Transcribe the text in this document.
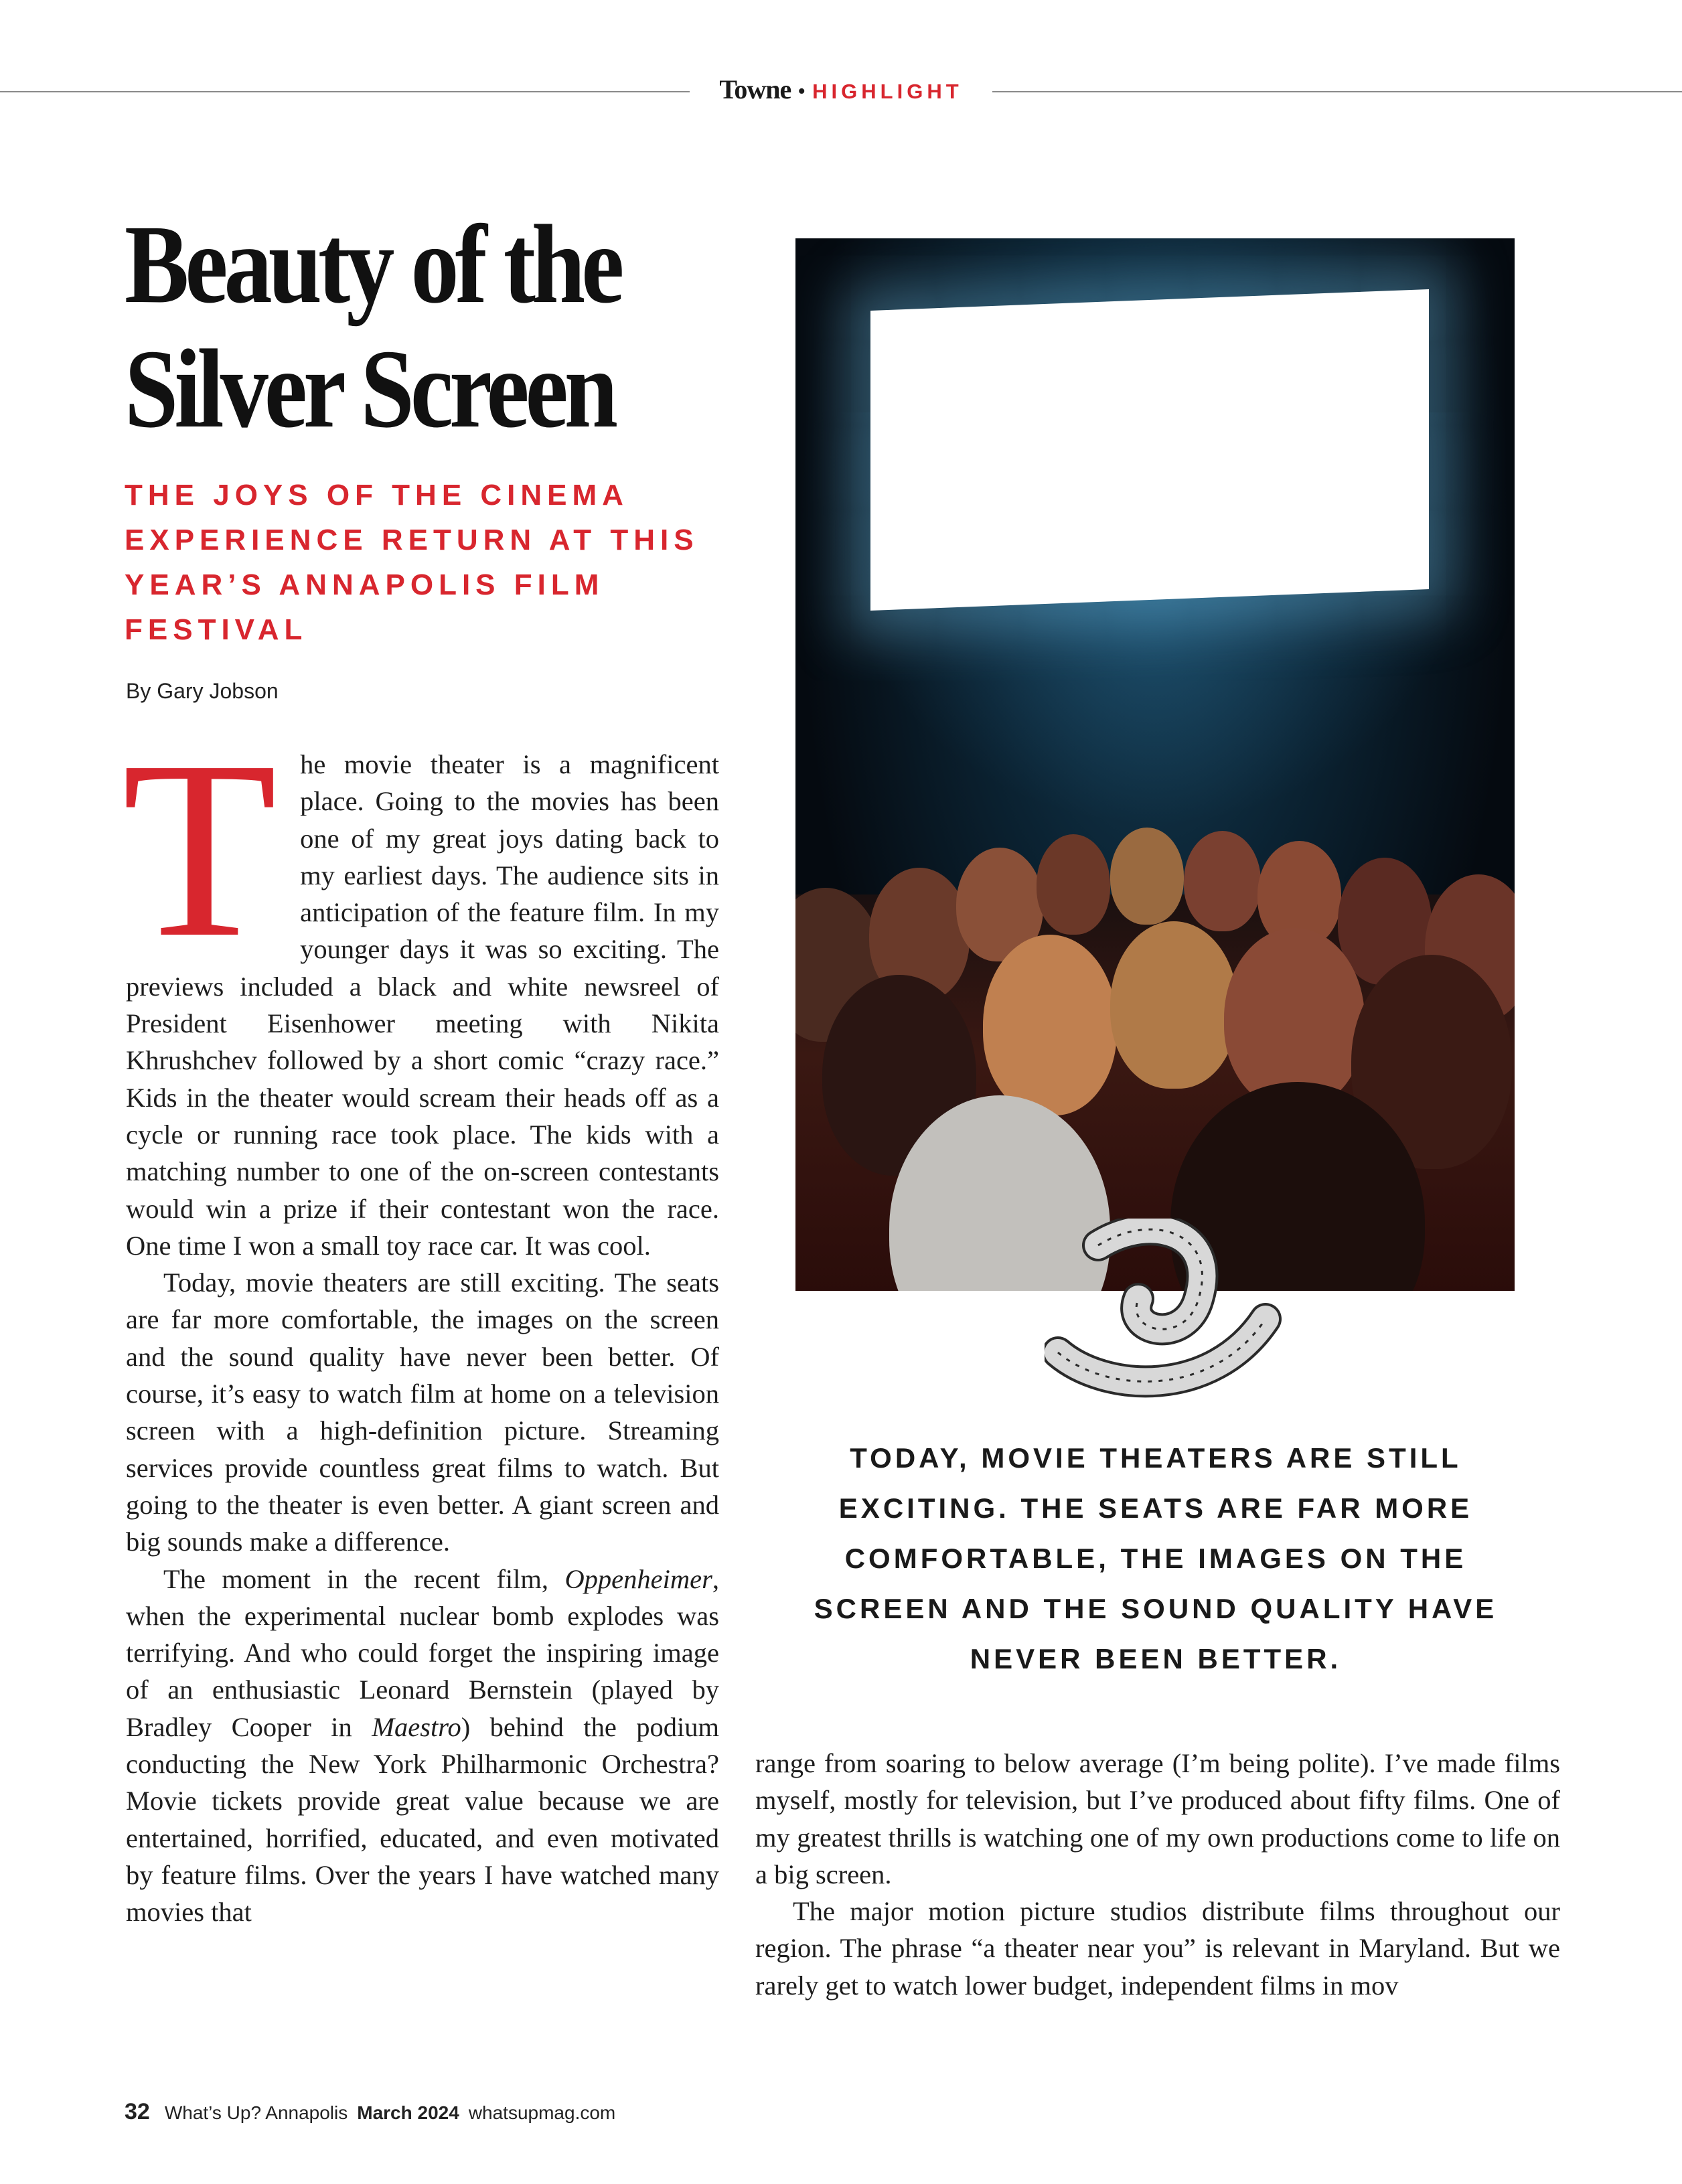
Towne • HIGHLIGHT
Beauty of the Silver Screen

THE JOYS OF THE CINEMA EXPERIENCE RETURN AT THIS YEAR’S ANNAPOLIS FILM FESTIVAL

By Gary Jobson

The movie theater is a magnificent place. Going to the movies has been one of my great joys dating back to my earliest days. The audience sits in anticipation of the feature film. In my younger days it was so exciting. The previews included a black and white newsreel of President Eisenhower meeting with Nikita Khrushchev followed by a short comic “crazy race.” Kids in the theater would scream their heads off as a cycle or running race took place. The kids with a matching number to one of the on-screen contestants would win a prize if their contestant won the race. One time I won a small toy race car. It was cool.

Today, movie theaters are still exciting. The seats are far more comfortable, the images on the screen and the sound quality have never been better. Of course, it’s easy to watch film at home on a television screen with a high-definition picture. Streaming services provide countless great films to watch. But going to the theater is even better. A giant screen and big sounds make a difference.

The moment in the recent film, Oppenheimer, when the experimental nuclear bomb explodes was terrifying. And who could forget the inspiring image of an enthusiastic Leonard Bernstein (played by Bradley Cooper in Maestro) behind the podium conducting the New York Philharmonic Orchestra? Movie tickets provide great value because we are entertained, horrified, educated, and even motivated by feature films. Over the years I have watched many movies that

TODAY, MOVIE THEATERS ARE STILL EXCITING. THE SEATS ARE FAR MORE COMFORTABLE, THE IMAGES ON THE SCREEN AND THE SOUND QUALITY HAVE NEVER BEEN BETTER.

range from soaring to below average (I’m being polite). I’ve made films myself, mostly for television, but I’ve produced about fifty films. One of my greatest thrills is watching one of my own productions come to life on a big screen.

The major motion picture studios distribute films throughout our region. The phrase “a theater near you” is relevant in Maryland. But we rarely get to watch lower budget, independent films in mov

32 What’s Up? Annapolis March 2024 whatsupmag.com
